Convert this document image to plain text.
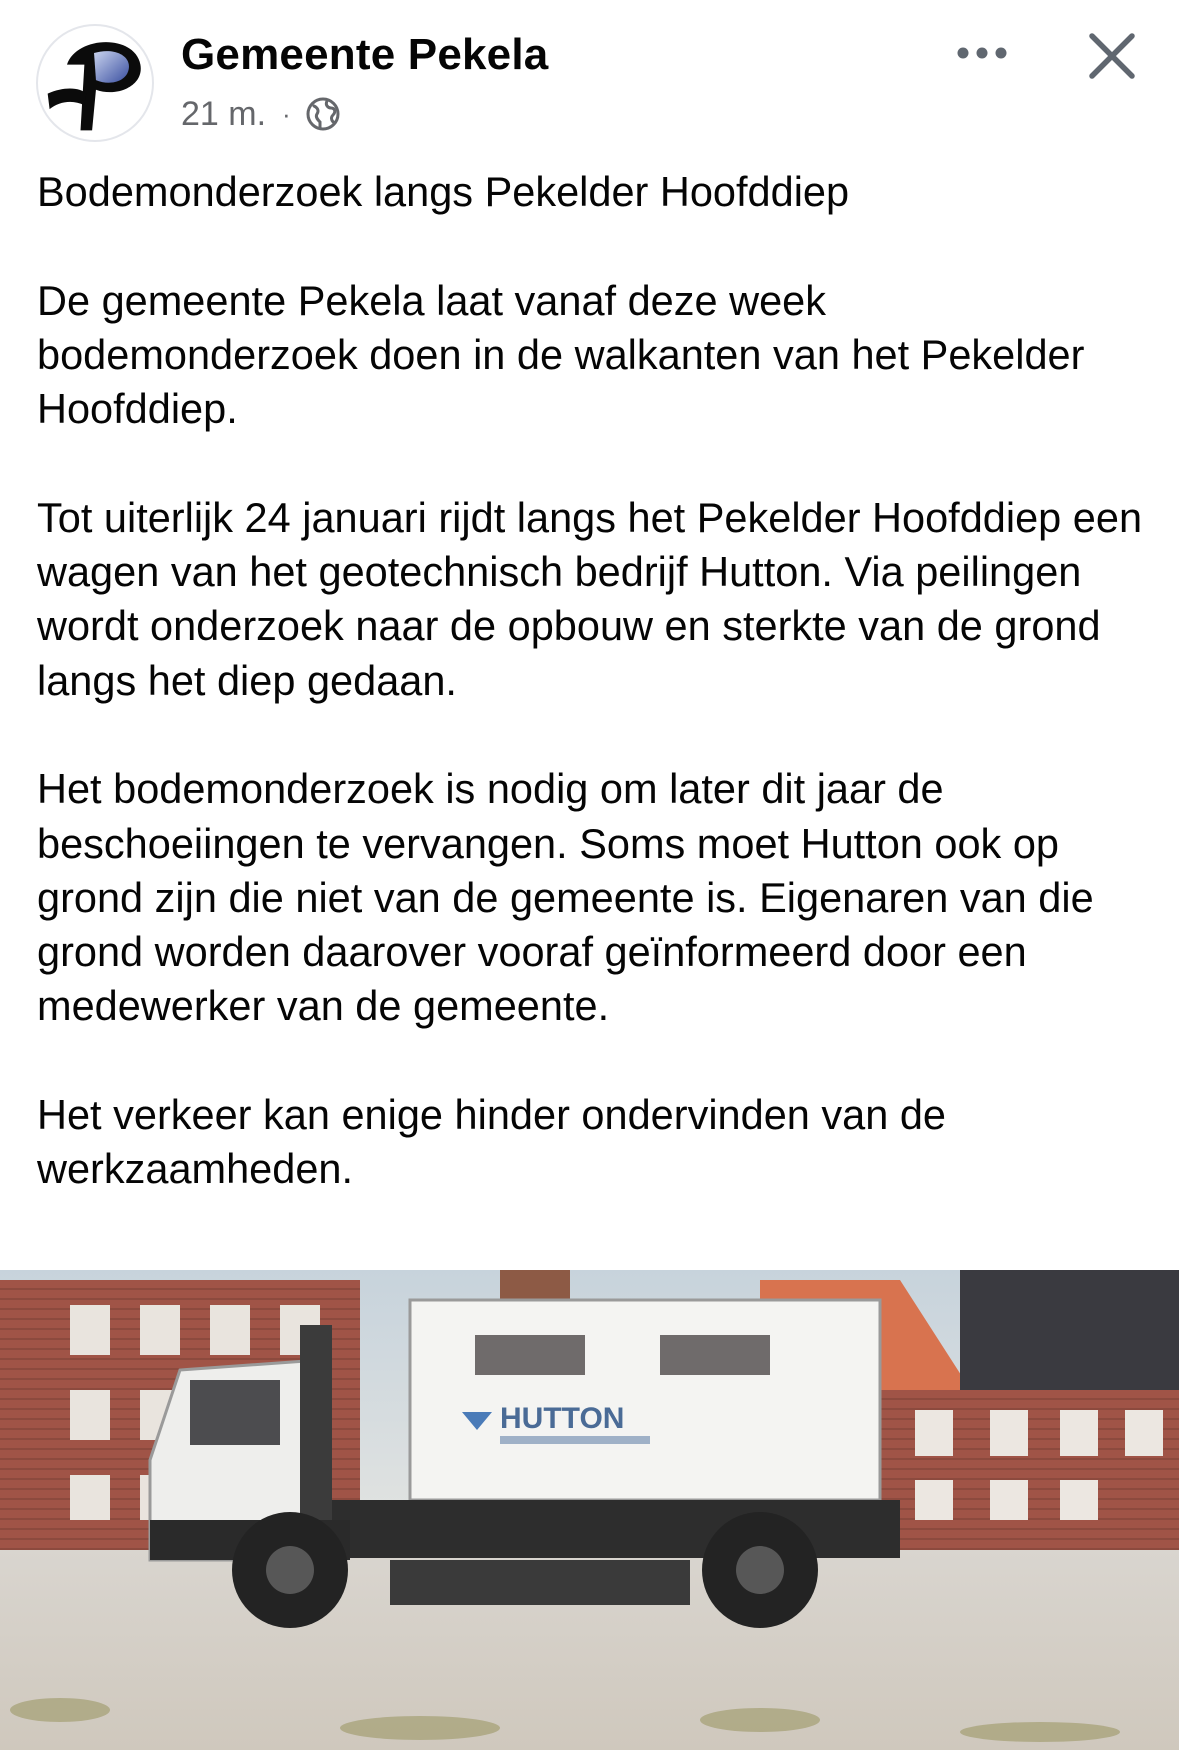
Gemeente Pekela
21 m. ·

Bodemonderzoek langs Pekelder Hoofddiep

De gemeente Pekela laat vanaf deze week bodemonderzoek doen in de walkanten van het Pekelder Hoofddiep.

Tot uiterlijk 24 januari rijdt langs het Pekelder Hoofddiep een wagen van het geotechnisch bedrijf Hutton. Via peilingen wordt onderzoek naar de opbouw en sterkte van de grond langs het diep gedaan.

Het bodemonderzoek is nodig om later dit jaar de beschoeiingen te vervangen. Soms moet Hutton ook op grond zijn die niet van de gemeente is. Eigenaren van die grond worden daarover vooraf geïnformeerd door een medewerker van de gemeente.

Het verkeer kan enige hinder ondervinden van de werkzaamheden.

HUTTON
